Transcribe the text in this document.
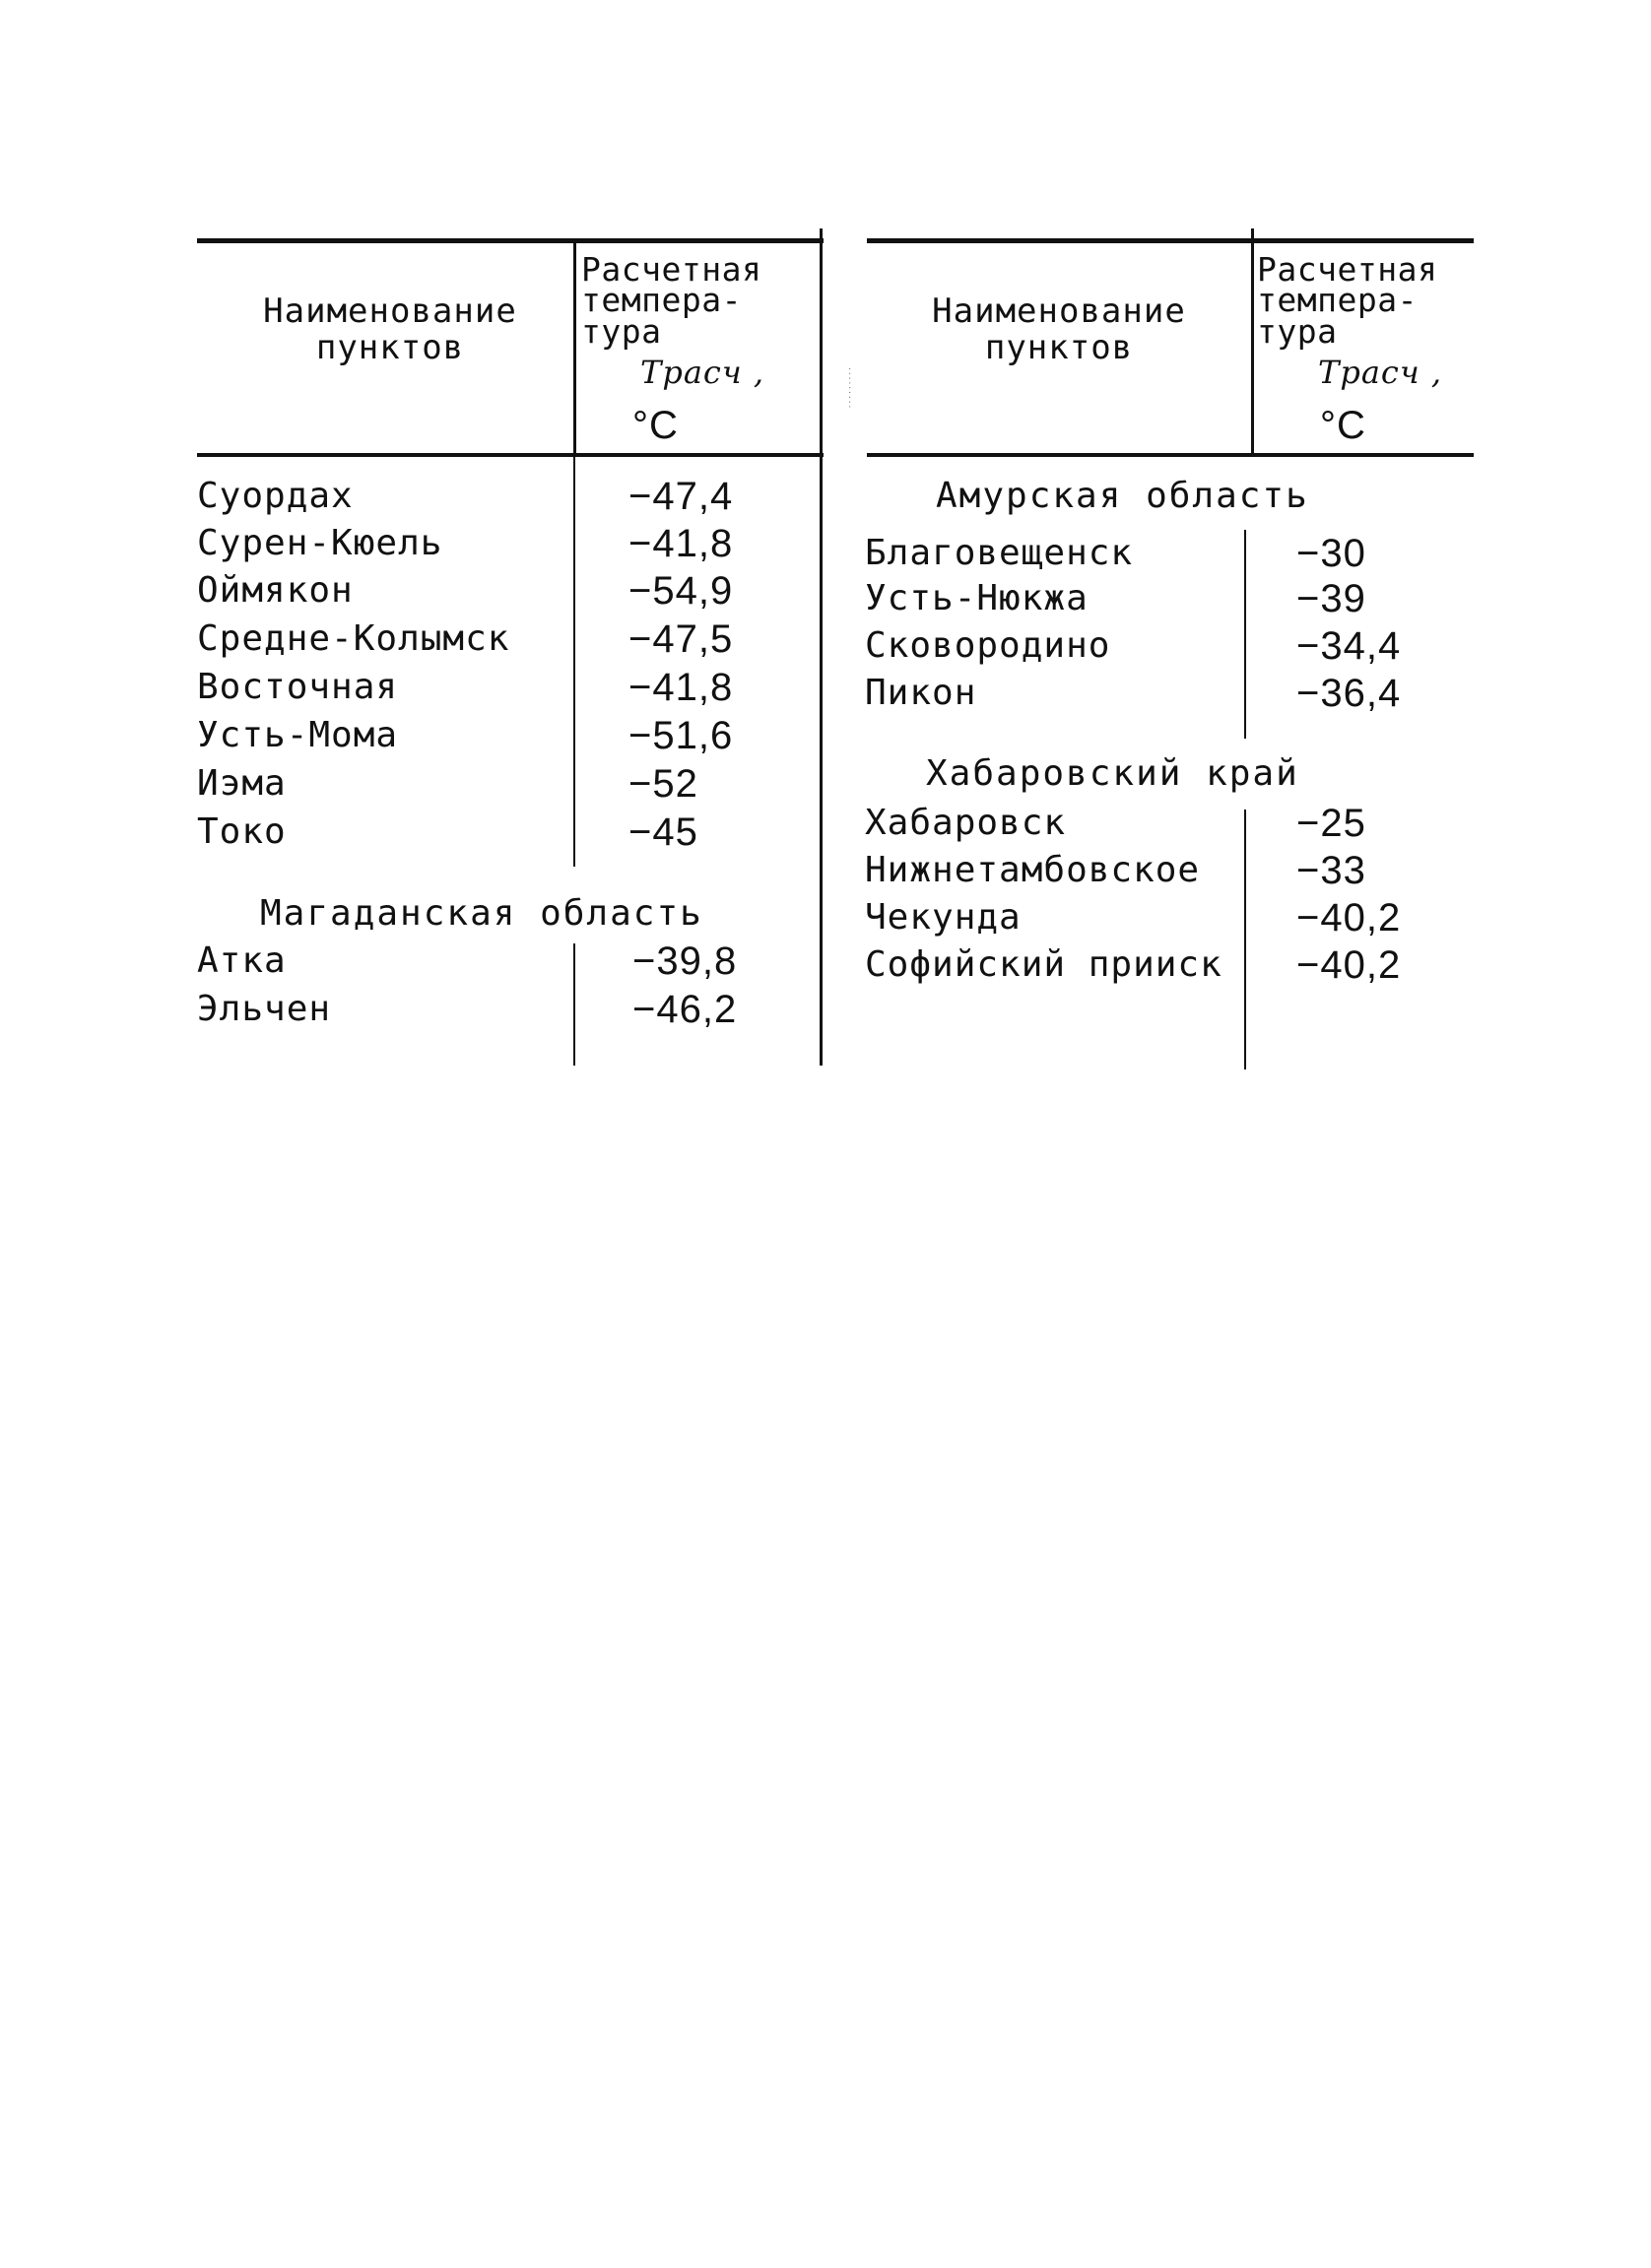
Наименование пунктов
Расчетная темпера-тура
Tрасч ,
°C
Суордах	−47,4
Сурен-Кюель	−41,8
Оймякон	−54,9
Средне-Колымск	−47,5
Восточная	−41,8
Усть-Мома	−51,6
Иэма	−52
Токо	−45
Магаданская область
Атка	−39,8
Эльчен	−46,2
·········
Наименование пунктов
Расчетная темпера-тура
Tрасч ,
°C
Амурская область
Благовещенск	−30
Усть-Нюкжа	−39
Сковородино	−34,4
Пикон	−36,4
Хабаровский край
Хабаровск	−25
Нижнетамбовское −33
Чекунда	−40,2
Софийский прииск −40,2
